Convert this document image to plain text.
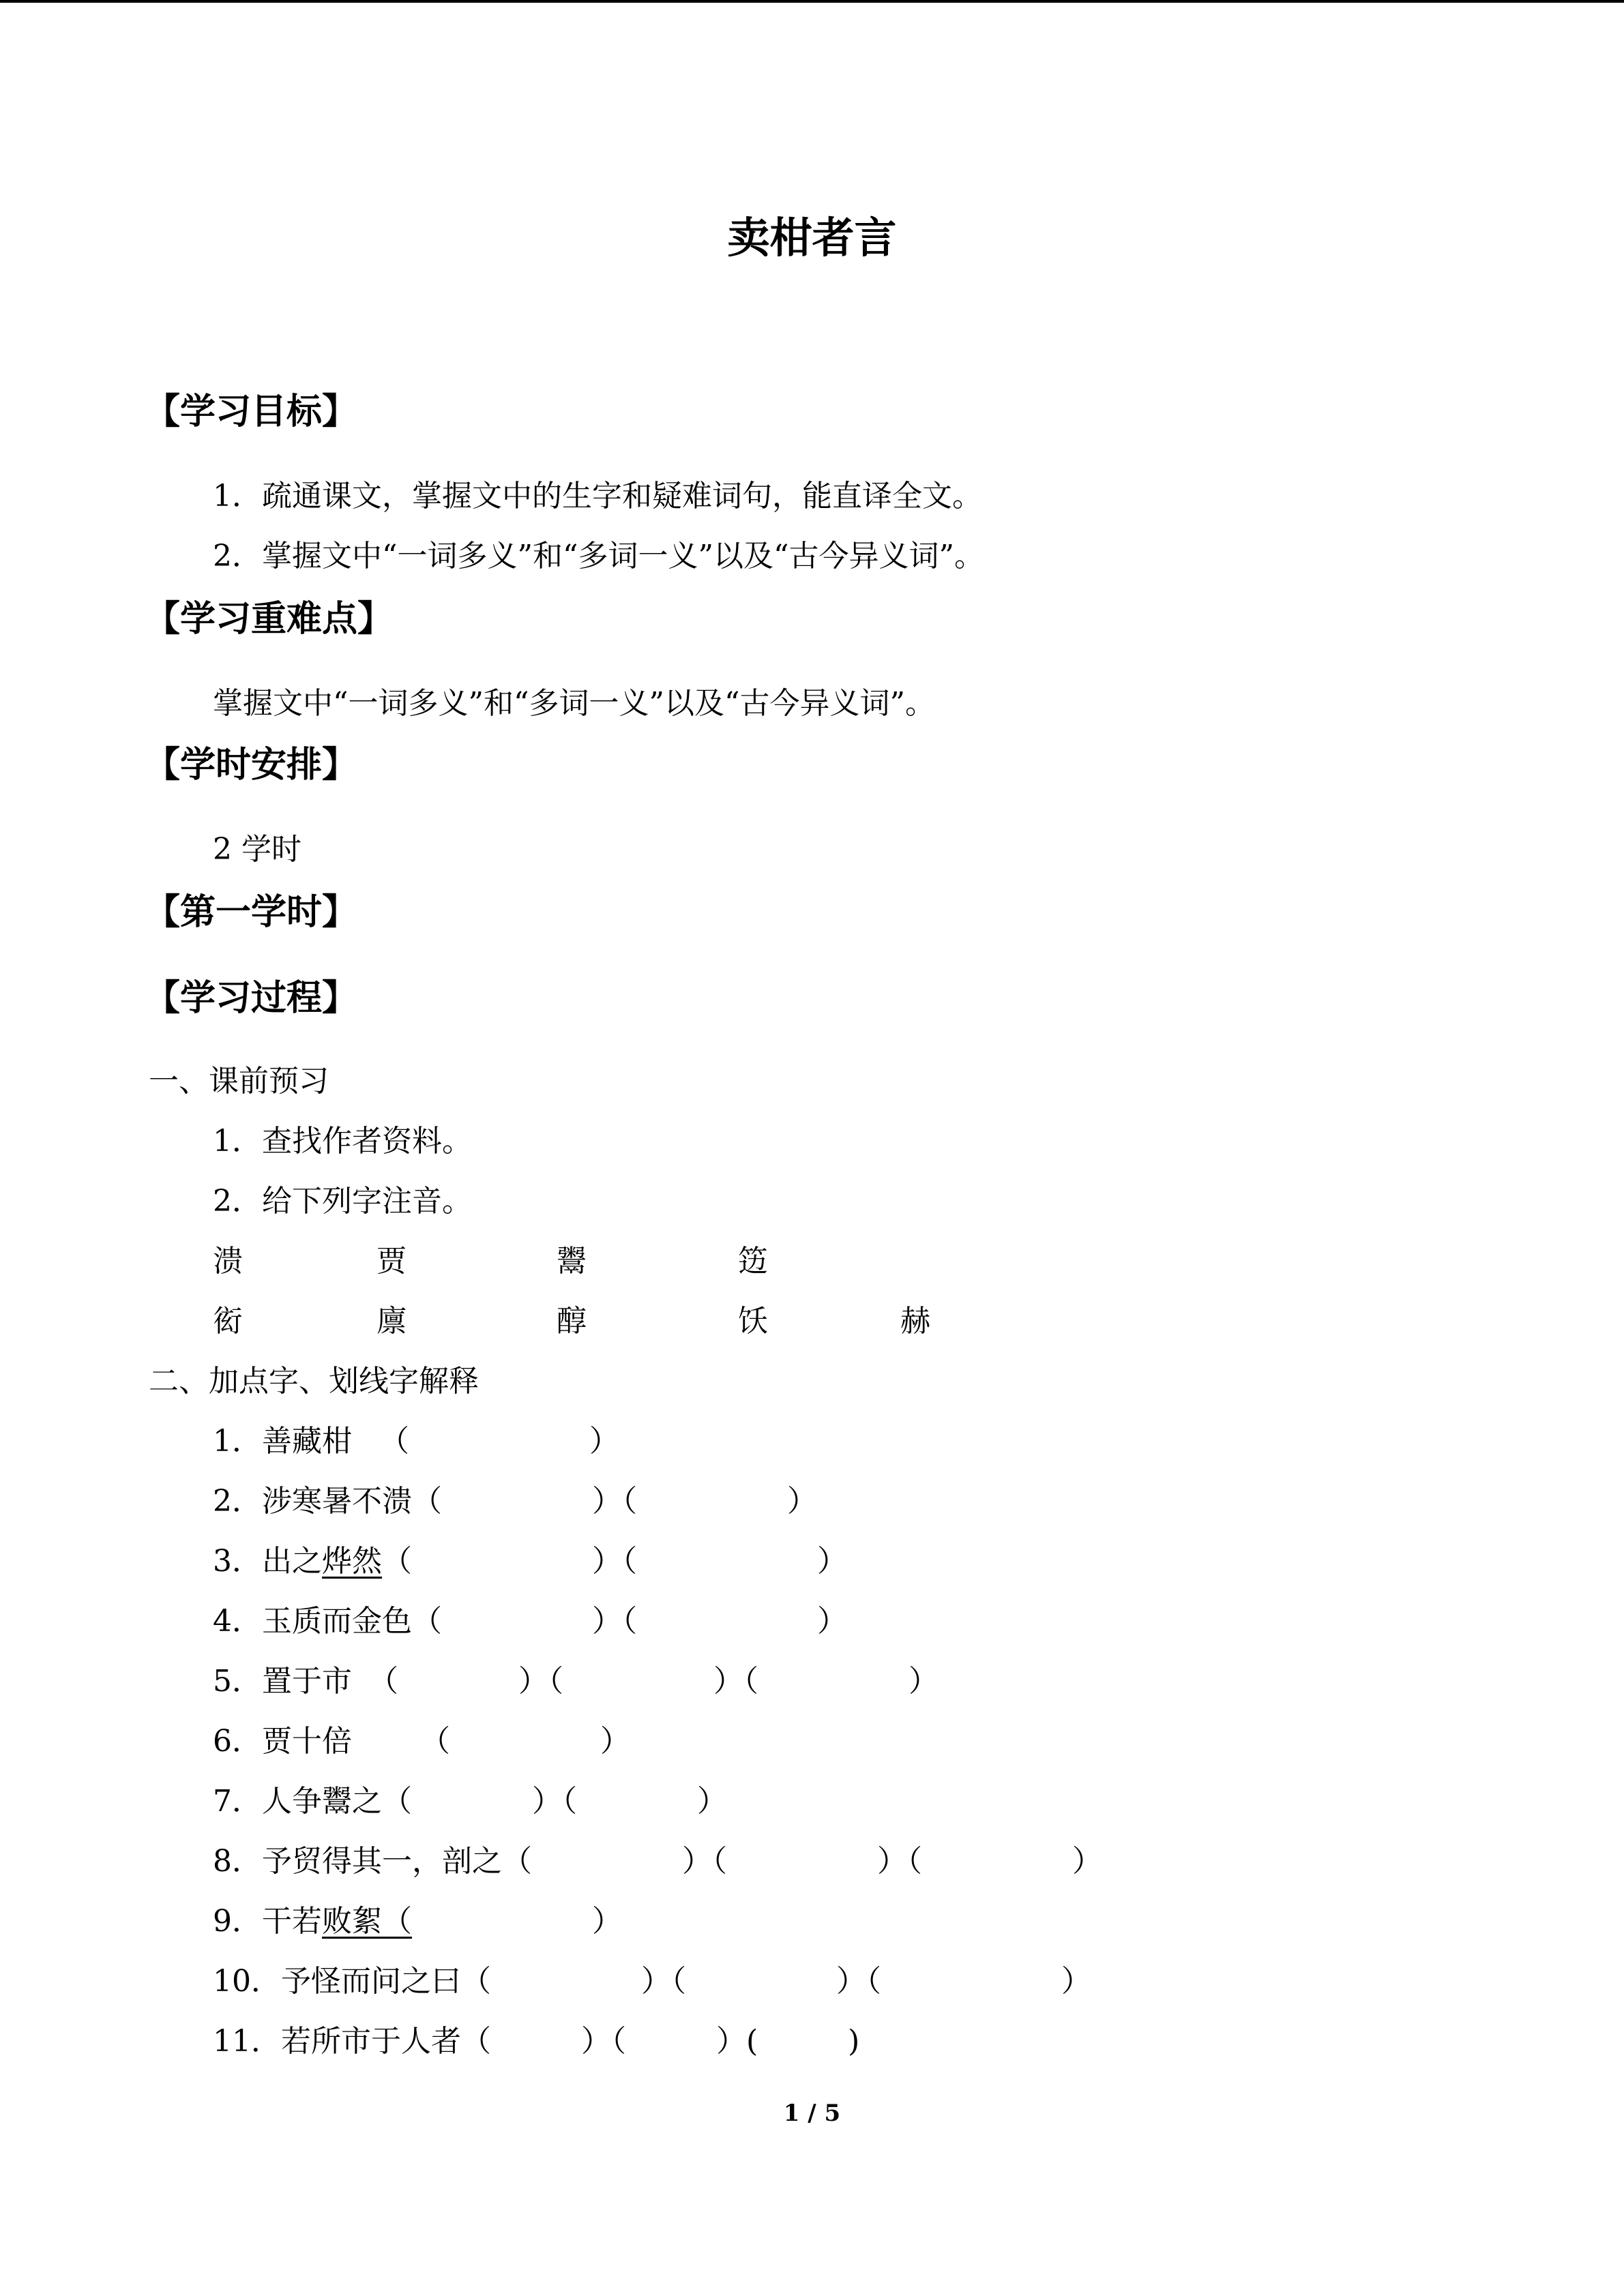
卖柑者言
【学习目标】
1．疏通课文，掌握文中的生字和疑难词句，能直译全文。
2．掌握文中“一词多义”和“多词一义”以及“古今异义词”。
【学习重难点】
掌握文中“一词多义”和“多词一义”以及“古今异义词”。
【学时安排】
2 学时
【第一学时】
【学习过程】
一、课前预习
1．查找作者资料。
2．给下列字注音。
溃	贾	鬻	笾
衒	廪	醇	饫	赫
二、加点字、划线字解释
1．善藏柑 （　　　　　　）
2．涉寒暑不溃（　　　　　）（　　　　　）
3．出之烨然（　　　　　　）（　　　　　　）
4．玉质而金色（　　　　　）（　　　　　　）
5．置于市 （　　　　）（　　　　　）（　　　　　）
6．贾十倍 （　　　　　）
7．人争鬻之（　　　　）（　　　　）
8．予贸得其一，剖之（　　　　　）（　　　　　）（　　　　　）
9．干若败絮（　　　　　　）
10．予怪而问之曰（　　　　　）（　　　　　）（　　　　　　）
11．若所市于人者（　　　）（　　　）(　　　)
1 / 5
